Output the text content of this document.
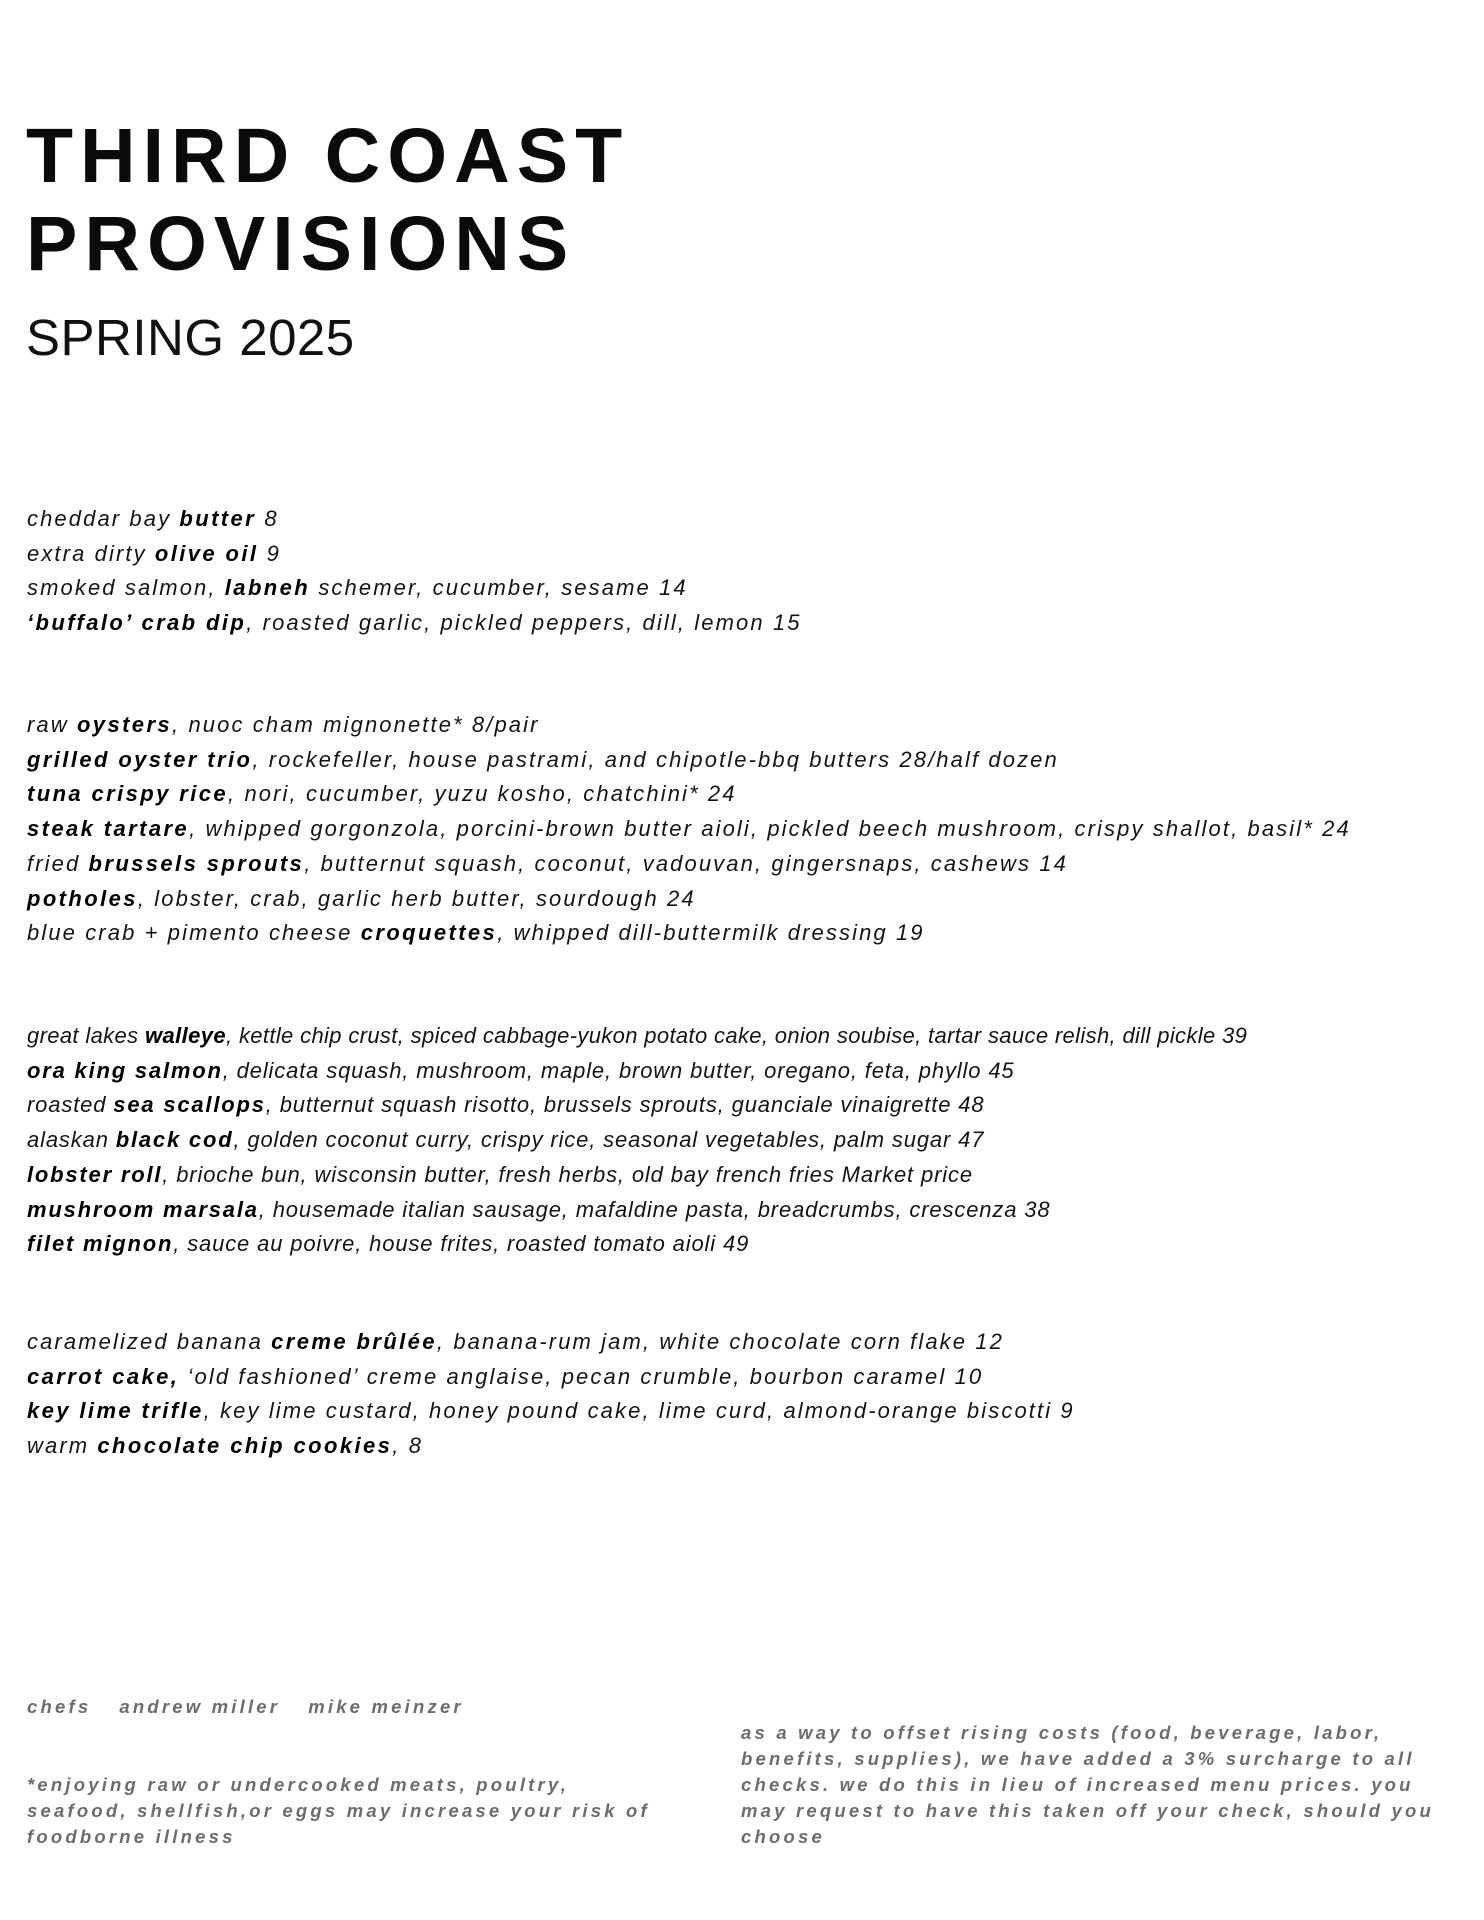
THIRD COAST
PROVISIONS
SPRING 2025
cheddar bay butter 8
extra dirty olive oil 9
smoked salmon, labneh schemer, cucumber, sesame 14
‘buffalo’ crab dip, roasted garlic, pickled peppers, dill, lemon 15
raw oysters, nuoc cham mignonette* 8/pair
grilled oyster trio, rockefeller, house pastrami, and chipotle-bbq butters 28/half dozen
tuna crispy rice, nori, cucumber, yuzu kosho, chatchini* 24
steak tartare, whipped gorgonzola, porcini-brown butter aioli, pickled beech mushroom, crispy shallot, basil* 24
fried brussels sprouts, butternut squash, coconut, vadouvan, gingersnaps, cashews 14
potholes, lobster, crab, garlic herb butter, sourdough 24
blue crab + pimento cheese croquettes, whipped dill-buttermilk dressing 19
great lakes walleye, kettle chip crust, spiced cabbage-yukon potato cake, onion soubise, tartar sauce relish, dill pickle 39
ora king salmon, delicata squash, mushroom, maple, brown butter, oregano, feta, phyllo 45
roasted sea scallops, butternut squash risotto, brussels sprouts, guanciale vinaigrette 48
alaskan black cod, golden coconut curry, crispy rice, seasonal vegetables, palm sugar 47
lobster roll, brioche bun, wisconsin butter, fresh herbs, old bay french fries Market price
mushroom marsala, housemade italian sausage, mafaldine pasta, breadcrumbs, crescenza 38
filet mignon, sauce au poivre, house frites, roasted tomato aioli 49
caramelized banana creme brûlée, banana-rum jam, white chocolate corn flake 12
carrot cake, ‘old fashioned’ creme anglaise, pecan crumble, bourbon caramel 10
key lime trifle, key lime custard, honey pound cake, lime curd, almond-orange biscotti 9
warm chocolate chip cookies, 8

chefs andrew miller mike meinzer

*enjoying raw or undercooked meats, poultry, seafood, shellfish,or eggs may increase your risk of foodborne illness

as a way to offset rising costs (food, beverage, labor, benefits, supplies), we have added a 3% surcharge to all checks. we do this in lieu of increased menu prices. you may request to have this taken off your check, should you choose
